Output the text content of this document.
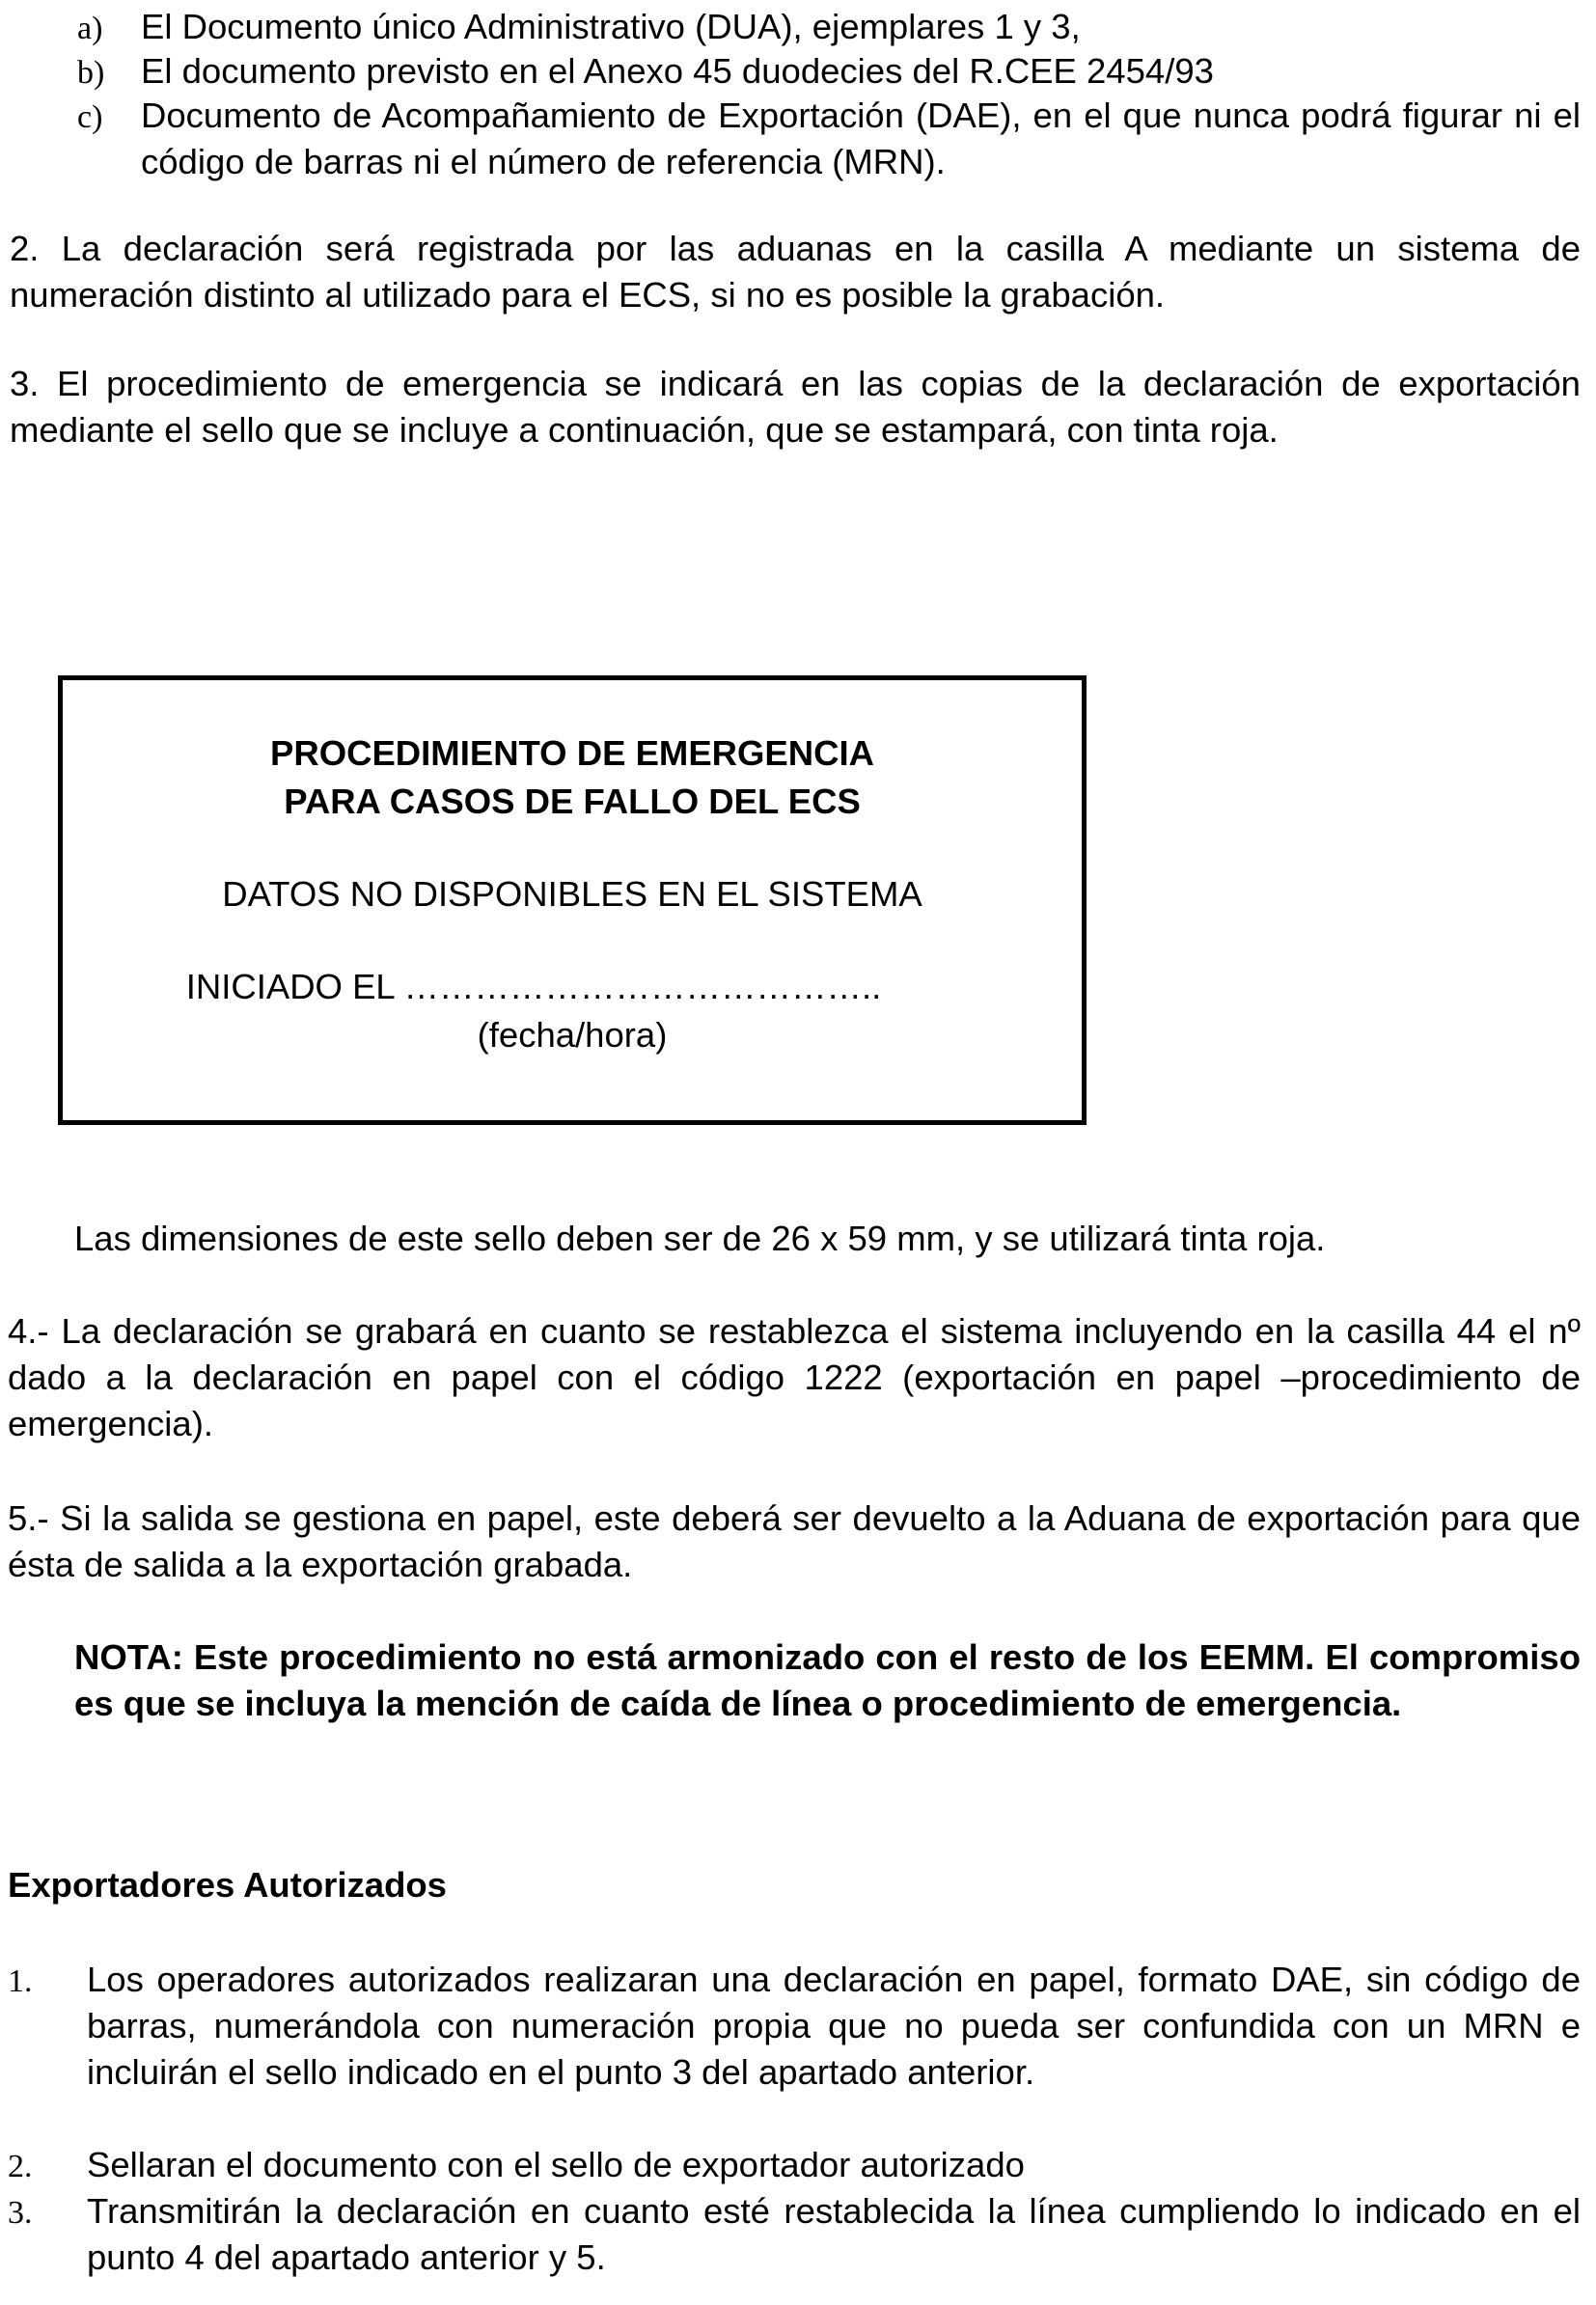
a) El Documento único Administrativo (DUA), ejemplares 1 y 3,
b) El documento previsto en el Anexo 45 duodecies del R.CEE 2454/93
c) Documento de Acompañamiento de Exportación (DAE), en el que nunca podrá figurar ni el código de barras ni el número de referencia (MRN).

2. La declaración será registrada por las aduanas en la casilla A mediante un sistema de numeración distinto al utilizado para el ECS, si no es posible la grabación.

3. El procedimiento de emergencia se indicará en las copias de la declaración de exportación mediante el sello que se incluye a continuación, que se estampará, con tinta roja.

PROCEDIMIENTO DE EMERGENCIA
PARA CASOS DE FALLO DEL ECS
DATOS NO DISPONIBLES EN EL SISTEMA
INICIADO EL …………………………………..
(fecha/hora)

Las dimensiones de este sello deben ser de 26 x 59 mm, y se utilizará tinta roja.

4.- La declaración se grabará en cuanto se restablezca el sistema incluyendo en la casilla 44 el nº dado a la declaración en papel con el código 1222 (exportación en papel –procedimiento de emergencia).

5.- Si la salida se gestiona en papel, este deberá ser devuelto a la Aduana de exportación para que ésta de salida a la exportación grabada.

NOTA: Este procedimiento no está armonizado con el resto de los EEMM. El compromiso es que se incluya la mención de caída de línea o procedimiento de emergencia.

Exportadores Autorizados

1. Los operadores autorizados realizaran una declaración en papel, formato DAE, sin código de barras, numerándola con numeración propia que no pueda ser confundida con un MRN e incluirán el sello indicado en el punto 3 del apartado anterior.
2. Sellaran el documento con el sello de exportador autorizado
3. Transmitirán la declaración en cuanto esté restablecida la línea cumpliendo lo indicado en el punto 4 del apartado anterior y 5.
